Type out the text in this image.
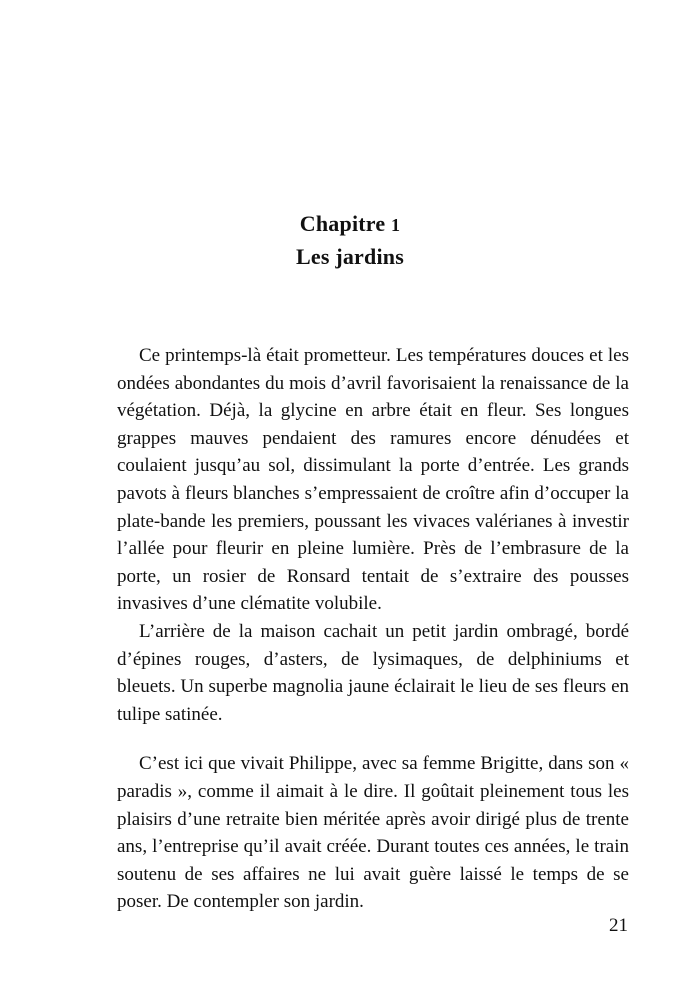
Chapitre 1
Les jardins

Ce printemps-là était prometteur. Les températures douces et les ondées abondantes du mois d’avril favorisaient la renaissance de la végétation. Déjà, la glycine en arbre était en fleur. Ses longues grappes mauves pendaient des ramures encore dénudées et coulaient jusqu’au sol, dissimulant la porte d’entrée. Les grands pavots à fleurs blanches s’empressaient de croître afin d’occuper la plate-bande les premiers, poussant les vivaces valérianes à investir l’allée pour fleurir en pleine lumière. Près de l’embrasure de la porte, un rosier de Ronsard tentait de s’extraire des pousses invasives d’une clématite volubile.

L’arrière de la maison cachait un petit jardin ombragé, bordé d’épines rouges, d’asters, de lysimaques, de delphiniums et bleuets. Un superbe magnolia jaune éclairait le lieu de ses fleurs en tulipe satinée.

C’est ici que vivait Philippe, avec sa femme Brigitte, dans son « paradis », comme il aimait à le dire. Il goûtait pleinement tous les plaisirs d’une retraite bien méritée après avoir dirigé plus de trente ans, l’entreprise qu’il avait créée. Durant toutes ces années, le train soutenu de ses affaires ne lui avait guère laissé le temps de se poser. De contempler son jardin.

21
